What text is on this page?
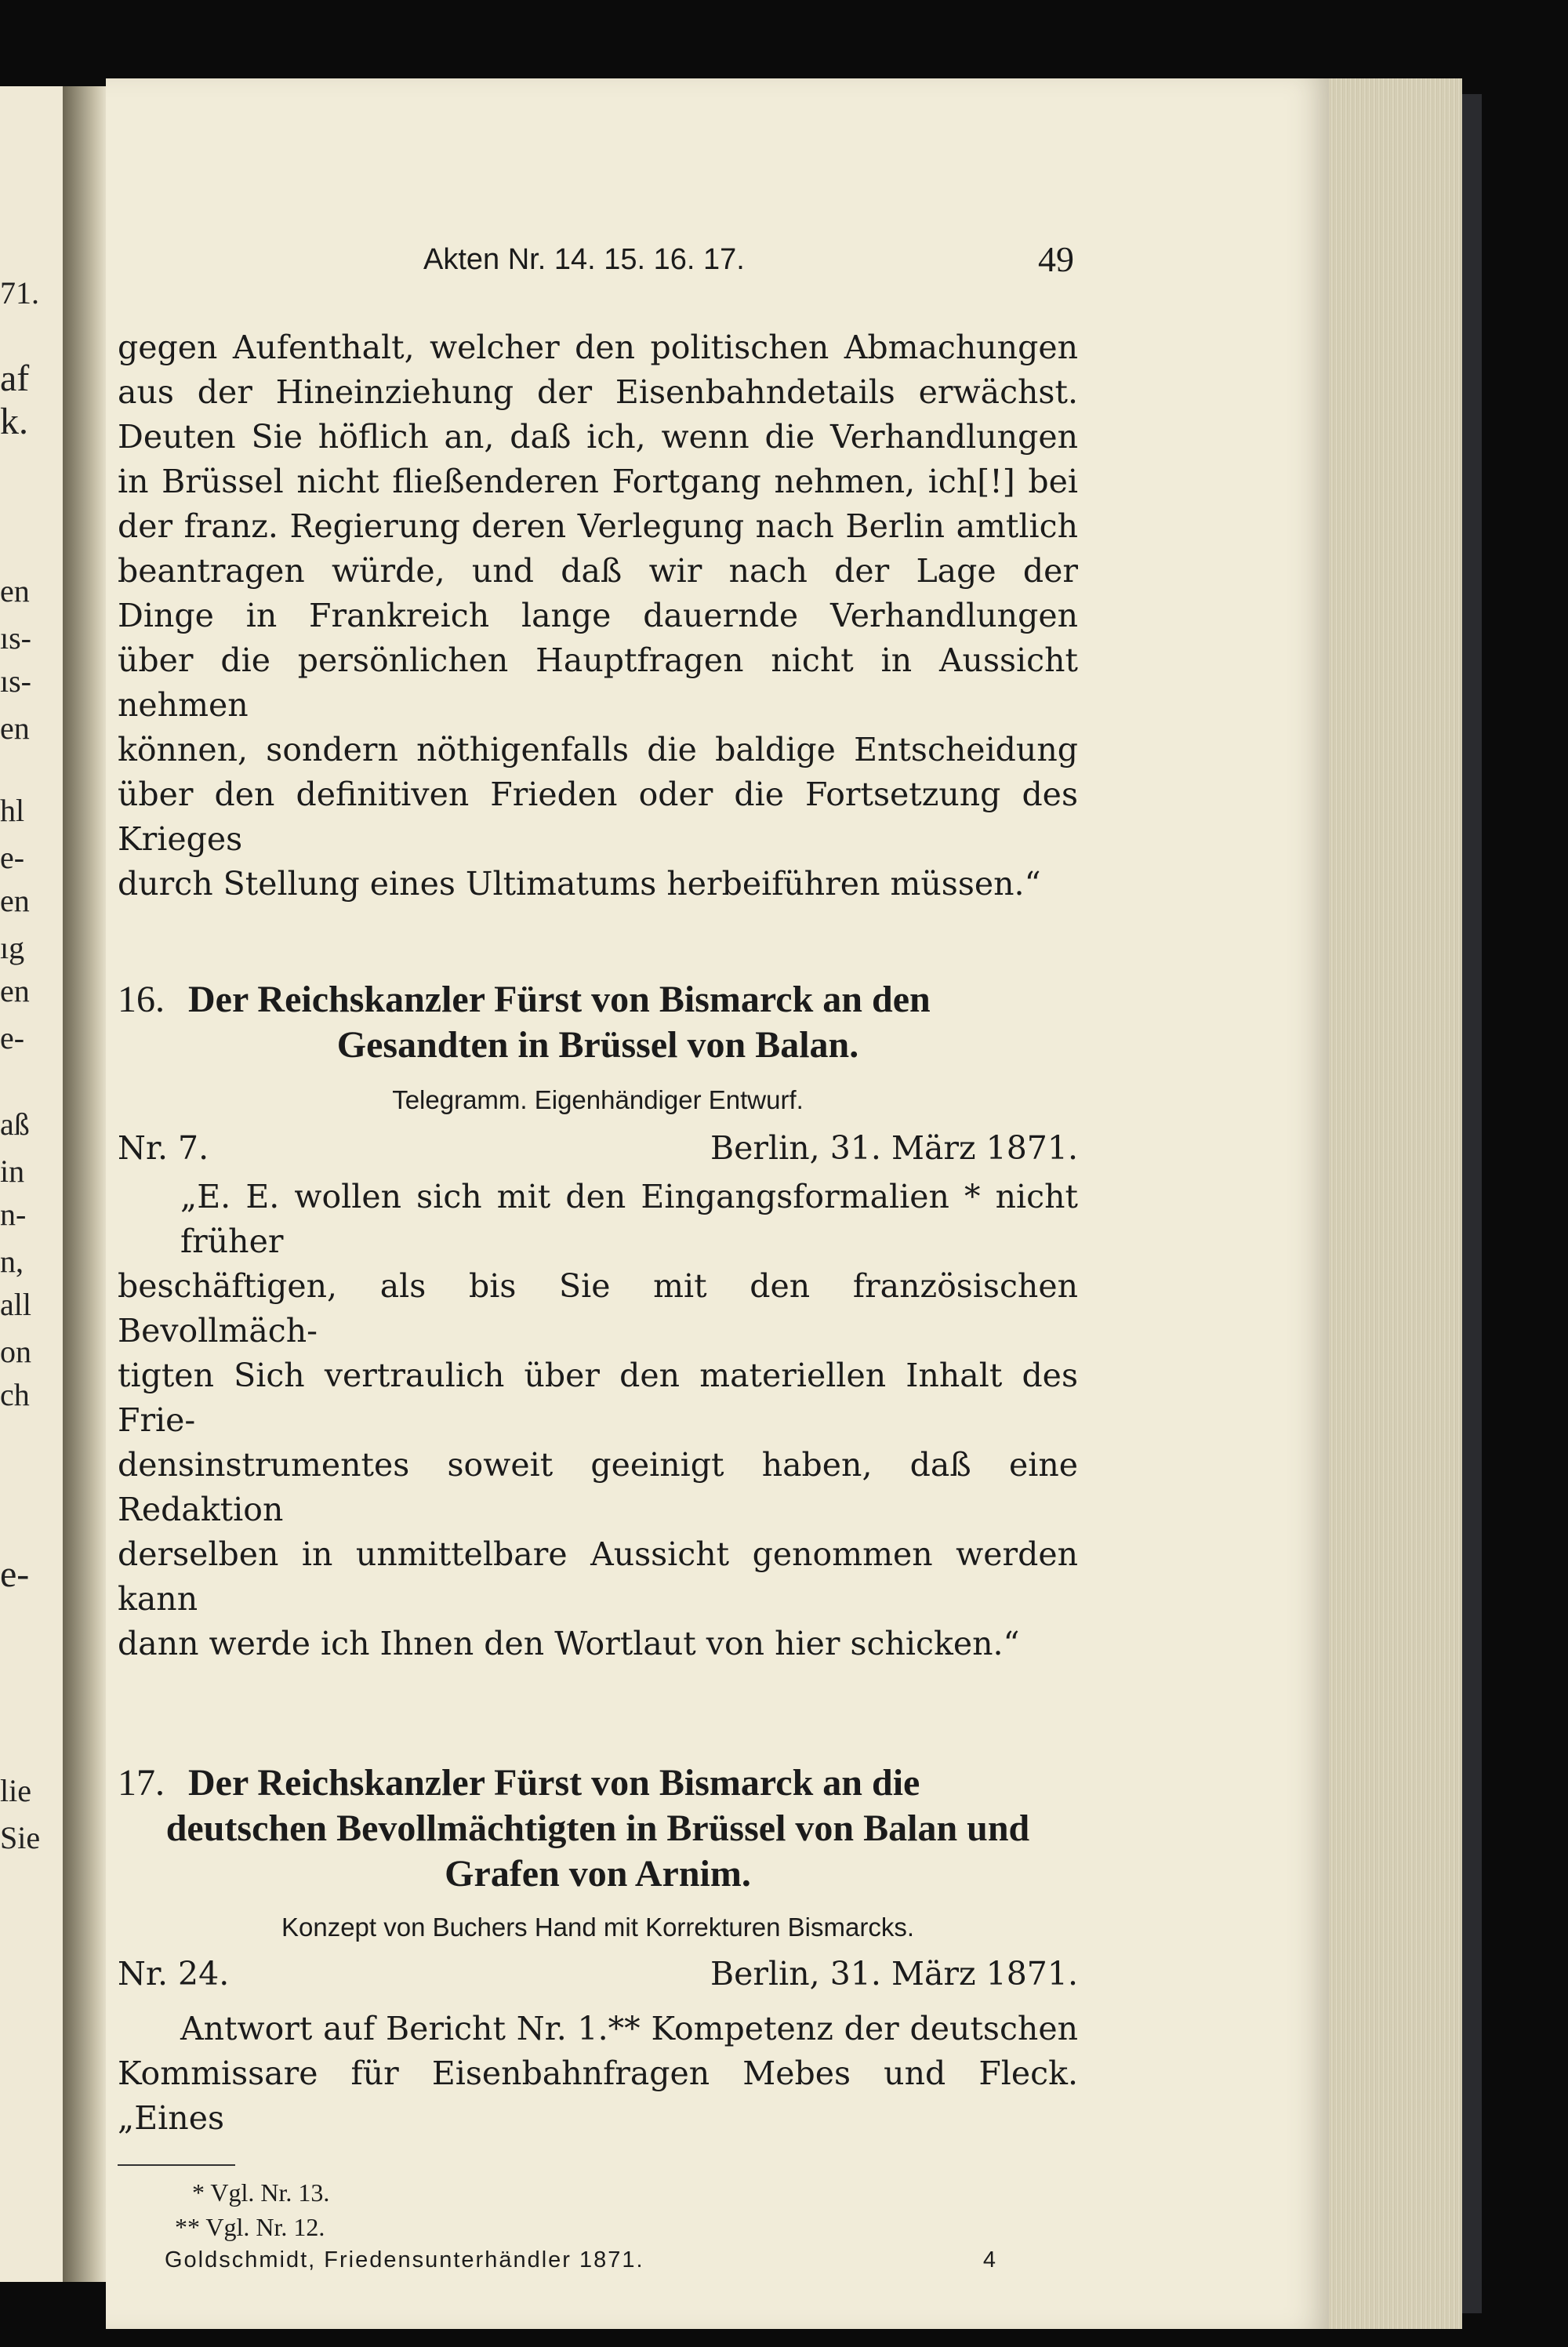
71.
af
k.
en
ıs-
ıs-
en
hl
e-
en
ıg
en
e-
aß
in
n-
n,
all
on
ch
e-
lie
Sie
Akten Nr. 14. 15. 16. 17.	49
gegen Aufenthalt, welcher den politischen Abmachungen
aus der Hineinziehung der Eisenbahndetails erwächst.
Deuten Sie höflich an, daß ich, wenn die Verhandlungen
in Brüssel nicht fließenderen Fortgang nehmen, ich[!] bei
der franz. Regierung deren Verlegung nach Berlin amtlich
beantragen würde, und daß wir nach der Lage der
Dinge in Frankreich lange dauernde Verhandlungen
über die persönlichen Hauptfragen nicht in Aussicht nehmen
können, sondern nöthigenfalls die baldige Entscheidung
über den definitiven Frieden oder die Fortsetzung des Krieges
durch Stellung eines Ultimatums herbeiführen müssen.“
16. Der Reichskanzler Fürst von Bismarck an den
Gesandten in Brüssel von Balan.
Telegramm. Eigenhändiger Entwurf.
Nr. 7.	Berlin, 31. März 1871.
„E. E. wollen sich mit den Eingangsformalien * nicht früher
beschäftigen, als bis Sie mit den französischen Bevollmäch-
tigten Sich vertraulich über den materiellen Inhalt des Frie-
densinstrumentes soweit geeinigt haben, daß eine Redaktion
derselben in unmittelbare Aussicht genommen werden kann
dann werde ich Ihnen den Wortlaut von hier schicken.“
17. Der Reichskanzler Fürst von Bismarck an die
deutschen Bevollmächtigten in Brüssel von Balan und
Grafen von Arnim.
Konzept von Buchers Hand mit Korrekturen Bismarcks.
Nr. 24.	Berlin, 31. März 1871.
Antwort auf Bericht Nr. 1.** Kompetenz der deutschen
Kommissare für Eisenbahnfragen Mebes und Fleck. „Eines
* Vgl. Nr. 13.
** Vgl. Nr. 12.
Goldschmidt, Friedensunterhändler 1871.	4
